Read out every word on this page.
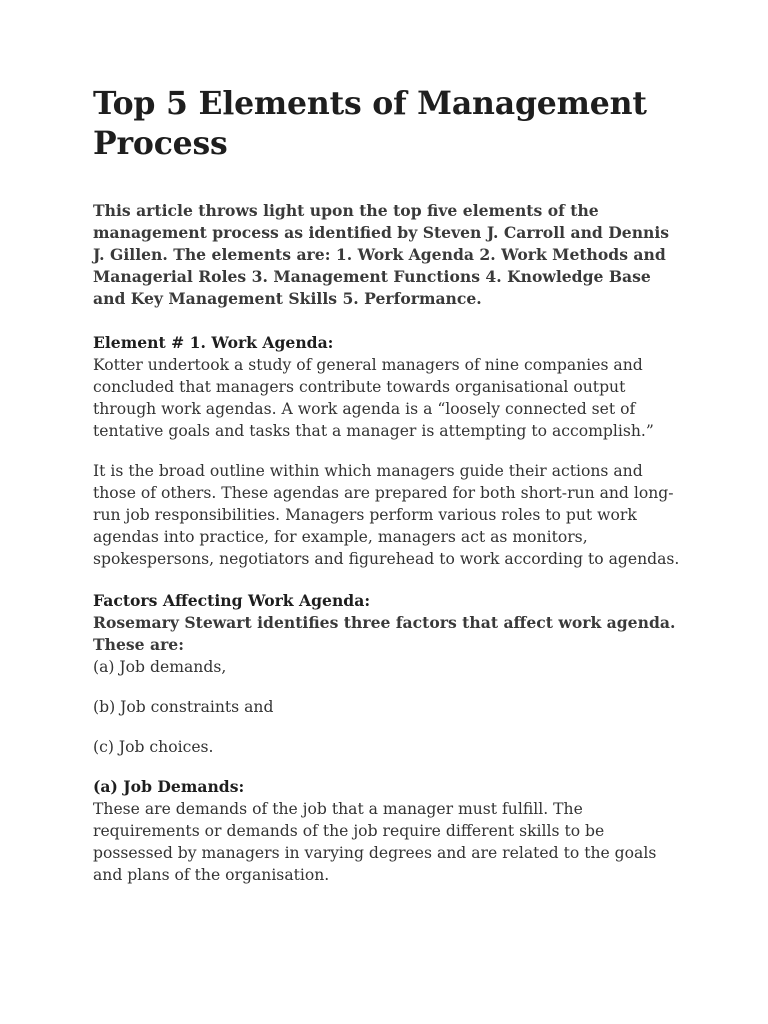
Top 5 Elements of Management Process

This article throws light upon the top five elements of the management process as identified by Steven J. Carroll and Dennis J. Gillen. The elements are: 1. Work Agenda 2. Work Methods and Managerial Roles 3. Management Functions 4. Knowledge Base and Key Management Skills 5. Performance.

Element # 1. Work Agenda:

Kotter undertook a study of general managers of nine companies and concluded that managers contribute towards organisational output through work agendas. A work agenda is a “loosely connected set of tentative goals and tasks that a manager is attempting to accomplish.”

It is the broad outline within which managers guide their actions and those of others. These agendas are prepared for both short-run and long-run job responsibilities. Managers perform various roles to put work agendas into practice, for example, managers act as monitors, spokespersons, negotiators and figurehead to work according to agendas.

Factors Affecting Work Agenda:
Rosemary Stewart identifies three factors that affect work agenda. These are:

(a) Job demands,

(b) Job constraints and

(c) Job choices.

(a) Job Demands:

These are demands of the job that a manager must fulfill. The requirements or demands of the job require different skills to be possessed by managers in varying degrees and are related to the goals and plans of the organisation.
